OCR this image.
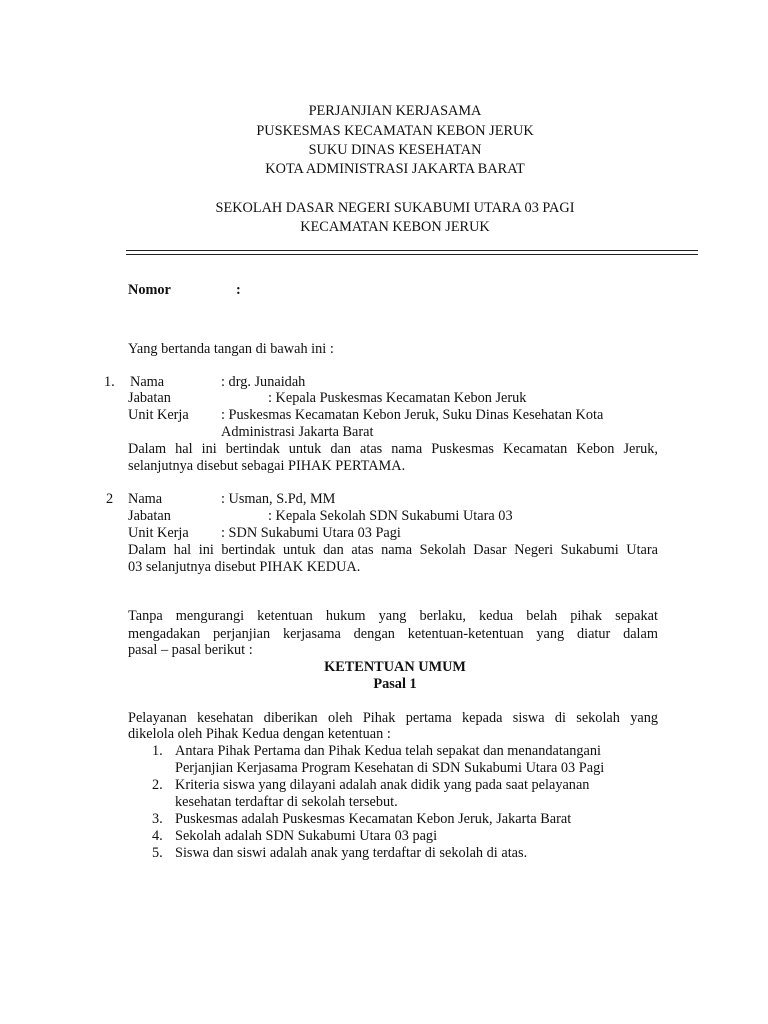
PERJANJIAN KERJASAMA
PUSKESMAS KECAMATAN KEBON JERUK
SUKU DINAS KESEHATAN
KOTA ADMINISTRASI JAKARTA BARAT
SEKOLAH DASAR NEGERI SUKABUMI UTARA 03 PAGI
KECAMATAN KEBON JERUK
Nomor	:
Yang bertanda tangan di bawah ini :
1. Nama	: drg. Junaidah
Jabatan	: Kepala Puskesmas Kecamatan Kebon Jeruk
Unit Kerja : Puskesmas Kecamatan Kebon Jeruk, Suku Dinas Kesehatan Kota
Administrasi Jakarta Barat
Dalam hal ini bertindak untuk dan atas nama Puskesmas Kecamatan Kebon Jeruk,
selanjutnya disebut sebagai PIHAK PERTAMA.
2 Nama	: Usman, S.Pd, MM
Jabatan	: Kepala Sekolah SDN Sukabumi Utara 03
Unit Kerja : SDN Sukabumi Utara 03 Pagi
Dalam hal ini bertindak untuk dan atas nama Sekolah Dasar Negeri Sukabumi Utara
03 selanjutnya disebut PIHAK KEDUA.
Tanpa mengurangi ketentuan hukum yang berlaku, kedua belah pihak sepakat
mengadakan perjanjian kerjasama dengan ketentuan-ketentuan yang diatur dalam
pasal – pasal berikut :
KETENTUAN UMUM
Pasal 1
Pelayanan kesehatan diberikan oleh Pihak pertama kepada siswa di sekolah yang
dikelola oleh Pihak Kedua dengan ketentuan :
1. Antara Pihak Pertama dan Pihak Kedua telah sepakat dan menandatangani
Perjanjian Kerjasama Program Kesehatan di SDN Sukabumi Utara 03 Pagi
2. Kriteria siswa yang dilayani adalah anak didik yang pada saat pelayanan
kesehatan terdaftar di sekolah tersebut.
3. Puskesmas adalah Puskesmas Kecamatan Kebon Jeruk, Jakarta Barat
4. Sekolah adalah SDN Sukabumi Utara 03 pagi
5. Siswa dan siswi adalah anak yang terdaftar di sekolah di atas.
